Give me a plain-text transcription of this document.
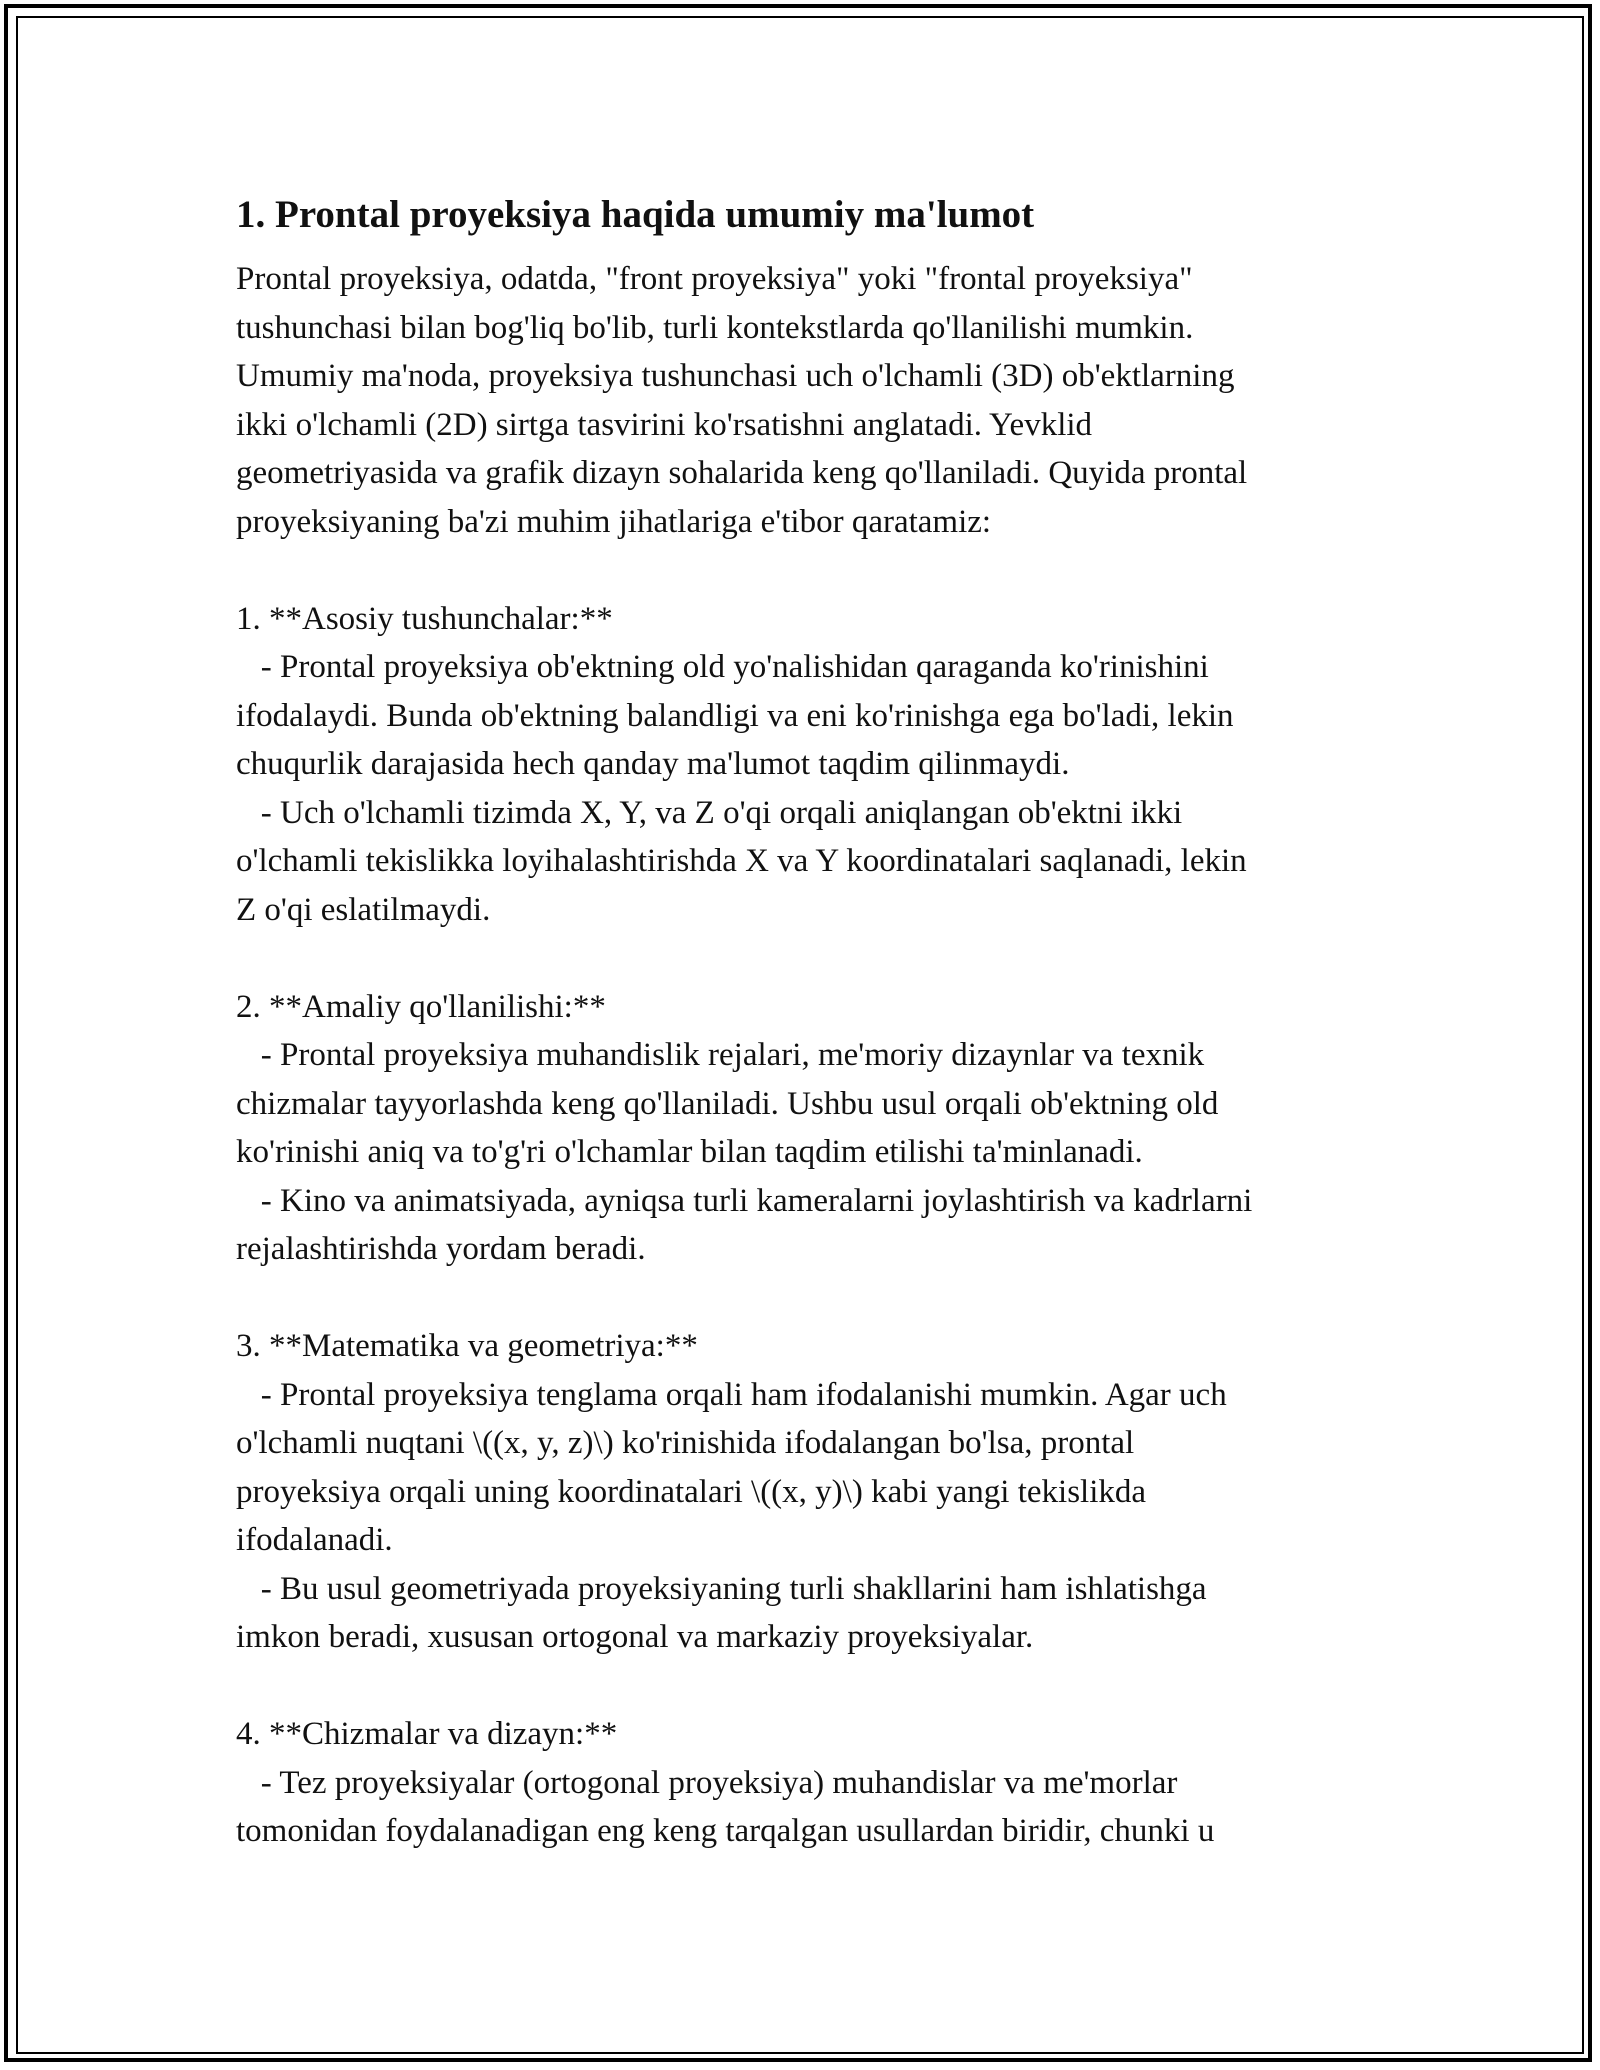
1. Prontal proyeksiya haqida umumiy ma'lumot
Prontal proyeksiya, odatda, "front proyeksiya" yoki "frontal proyeksiya"
tushunchasi bilan bog'liq bo'lib, turli kontekstlarda qo'llanilishi mumkin.
Umumiy ma'noda, proyeksiya tushunchasi uch o'lchamli (3D) ob'ektlarning
ikki o'lchamli (2D) sirtga tasvirini ko'rsatishni anglatadi. Yevklid
geometriyasida va grafik dizayn sohalarida keng qo'llaniladi. Quyida prontal
proyeksiyaning ba'zi muhim jihatlariga e'tibor qaratamiz:
1. **Asosiy tushunchalar:**
- Prontal proyeksiya ob'ektning old yo'nalishidan qaraganda ko'rinishini
ifodalaydi. Bunda ob'ektning balandligi va eni ko'rinishga ega bo'ladi, lekin
chuqurlik darajasida hech qanday ma'lumot taqdim qilinmaydi.
- Uch o'lchamli tizimda X, Y, va Z o'qi orqali aniqlangan ob'ektni ikki
o'lchamli tekislikka loyihalashtirishda X va Y koordinatalari saqlanadi, lekin
Z o'qi eslatilmaydi.
2. **Amaliy qo'llanilishi:**
- Prontal proyeksiya muhandislik rejalari, me'moriy dizaynlar va texnik
chizmalar tayyorlashda keng qo'llaniladi. Ushbu usul orqali ob'ektning old
ko'rinishi aniq va to'g'ri o'lchamlar bilan taqdim etilishi ta'minlanadi.
- Kino va animatsiyada, ayniqsa turli kameralarni joylashtirish va kadrlarni
rejalashtirishda yordam beradi.
3. **Matematika va geometriya:**
- Prontal proyeksiya tenglama orqali ham ifodalanishi mumkin. Agar uch
o'lchamli nuqtani \((x, y, z)\) ko'rinishida ifodalangan bo'lsa, prontal
proyeksiya orqali uning koordinatalari \((x, y)\) kabi yangi tekislikda
ifodalanadi.
- Bu usul geometriyada proyeksiyaning turli shakllarini ham ishlatishga
imkon beradi, xususan ortogonal va markaziy proyeksiyalar.
4. **Chizmalar va dizayn:**
- Tez proyeksiyalar (ortogonal proyeksiya) muhandislar va me'morlar
tomonidan foydalanadigan eng keng tarqalgan usullardan biridir, chunki u
